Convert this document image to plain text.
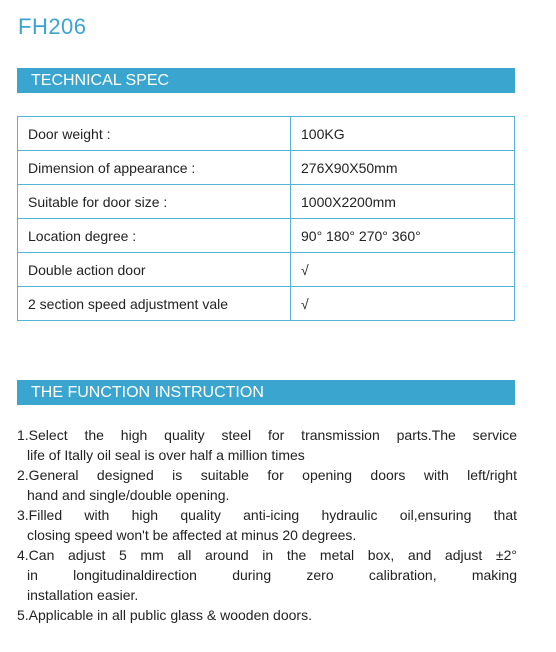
FH206
TECHNICAL SPEC
Door weight :	100KG
Dimension of appearance :	276X90X50mm
Suitable for door size :	1000X2200mm
Location degree :	90° 180° 270° 360°
Double action door	√
2 section speed adjustment vale	√
THE FUNCTION INSTRUCTION
1.Select the high quality steel for transmission parts.The service
life of Itally oil seal is over half a million times
2.General designed is suitable for opening doors with left/right
hand and single/double opening.
3.Filled with high quality anti-icing hydraulic oil,ensuring that
closing speed won't be affected at minus 20 degrees.
4.Can adjust 5 mm all around in the metal box, and adjust ±2°
in longitudinaldirection during zero calibration, making
installation easier.
5.Applicable in all public glass & wooden doors.
